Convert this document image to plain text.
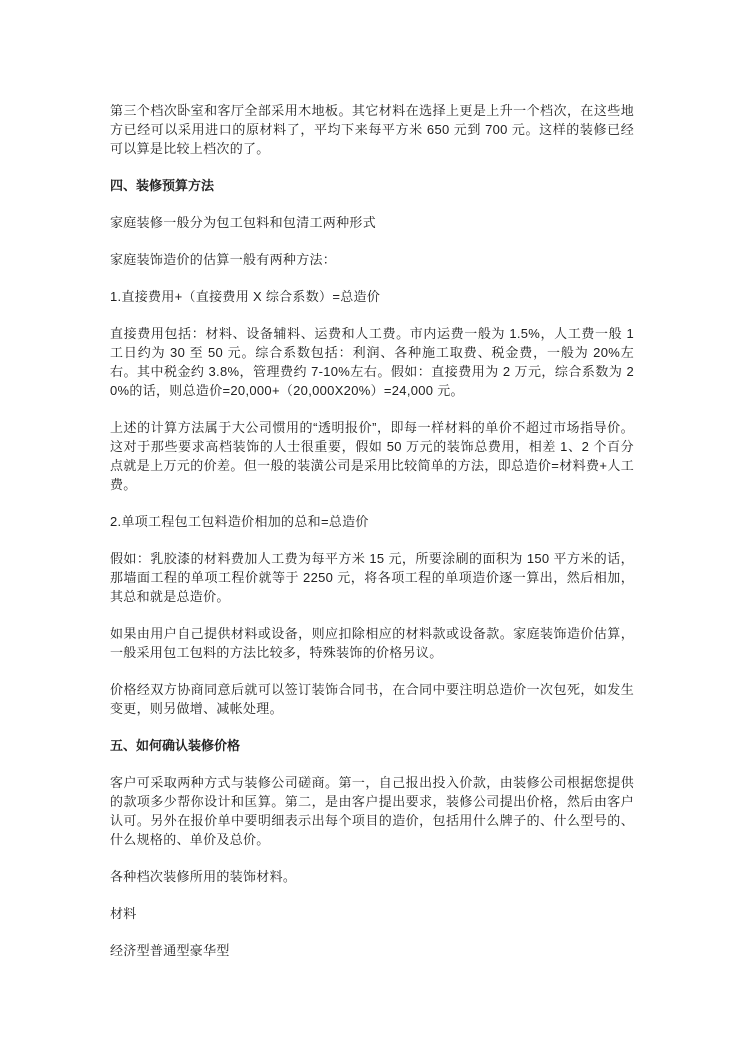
第三个档次卧室和客厅全部采用木地板。其它材料在选择上更是上升一个档次，在这些地方已经可以采用进口的原材料了，平均下来每平方米 650 元到 700 元。这样的装修已经可以算是比较上档次的了。

四、装修预算方法

家庭装修一般分为包工包料和包清工两种形式

家庭装饰造价的估算一般有两种方法：

1.直接费用+（直接费用 X 综合系数）=总造价

直接费用包括：材料、设备辅料、运费和人工费。市内运费一般为 1.5%，人工费一般 1 工日约为 30 至 50 元。综合系数包括：利润、各种施工取费、税金费，一般为 20%左右。其中税金约 3.8%，管理费约 7-10%左右。假如：直接费用为 2 万元，综合系数为 20%的话，则总造价=20,000+（20,000X20%）=24,000 元。

上述的计算方法属于大公司惯用的“透明报价”，即每一样材料的单价不超过市场指导价。这对于那些要求高档装饰的人士很重要，假如 50 万元的装饰总费用，相差 1、2 个百分点就是上万元的价差。但一般的装潢公司是采用比较简单的方法，即总造价=材料费+人工费。

2.单项工程包工包料造价相加的总和=总造价

假如：乳胶漆的材料费加人工费为每平方米 15 元，所要涂刷的面积为 150 平方米的话，那墙面工程的单项工程价就等于 2250 元，将各项工程的单项造价逐一算出，然后相加，其总和就是总造价。

如果由用户自己提供材料或设备，则应扣除相应的材料款或设备款。家庭装饰造价估算，一般采用包工包料的方法比较多，特殊装饰的价格另议。

价格经双方协商同意后就可以签订装饰合同书，在合同中要注明总造价一次包死，如发生变更，则另做增、减帐处理。

五、如何确认装修价格

客户可采取两种方式与装修公司磋商。第一，自己报出投入价款，由装修公司根据您提供的款项多少帮你设计和匡算。第二，是由客户提出要求，装修公司提出价格，然后由客户认可。另外在报价单中要明细表示出每个项目的造价，包括用什么牌子的、什么型号的、什么规格的、单价及总价。

各种档次装修所用的装饰材料。

材料

经济型普通型豪华型
